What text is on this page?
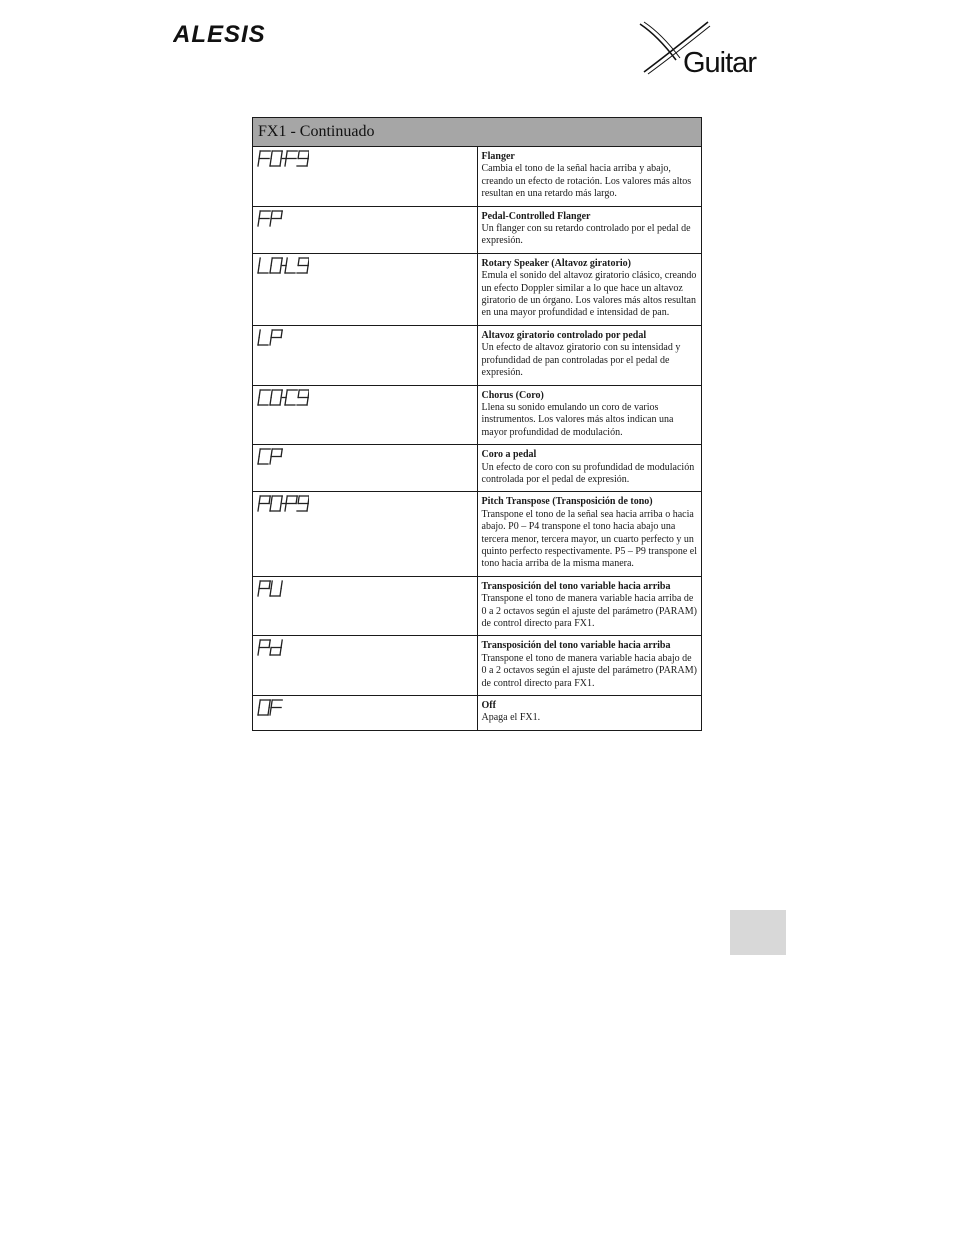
ALESIS
Guitar
FX1 - Continuado	

Flanger
Cambia el tono de la señal hacia arriba y abajo, creando un efecto de rotación. Los valores más altos resultan en una retardo más largo.

Pedal-Controlled Flanger
Un flanger con su retardo controlado por el pedal de expresión.

Rotary Speaker (Altavoz giratorio)
Emula el sonido del altavoz giratorio clásico, creando un efecto Doppler similar a lo que hace un altavoz giratorio de un órgano. Los valores más altos resultan en una mayor profundidad e intensidad de pan.

Altavoz giratorio controlado por pedal
Un efecto de altavoz giratorio con su intensidad y profundidad de pan controladas por el pedal de expresión.

Chorus (Coro)
Llena su sonido emulando un coro de varios instrumentos. Los valores más altos indican una mayor profundidad de modulación.

Coro a pedal
Un efecto de coro con su profundidad de modulación controlada por el pedal de expresión.

Pitch Transpose (Transposición de tono)
Transpone el tono de la señal sea hacia arriba o hacia abajo. P0 – P4 transpone el tono hacia abajo una tercera menor, tercera mayor, un cuarto perfecto y un quinto perfecto respectivamente. P5 – P9 transpone el tono hacia arriba de la misma manera.

Transposición del tono variable hacia arriba
Transpone el tono de manera variable hacia arriba de 0 a 2 octavos según el ajuste del parámetro (PARAM) de control directo para FX1.

Transposición del tono variable hacia arriba
Transpone el tono de manera variable hacia abajo de 0 a 2 octavos según el ajuste del parámetro (PARAM) de control directo para FX1.

Off
Apaga el FX1.
